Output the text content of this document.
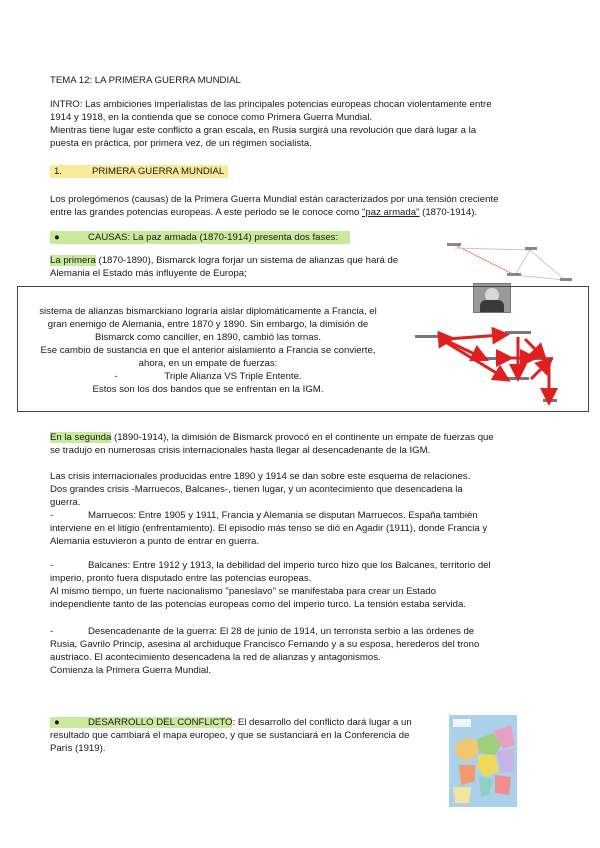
TEMA 12: LA PRIMERA GUERRA MUNDIAL

INTRO: Las ambiciones imperialistas de las principales potencias europeas chocan violentamente entre

1914 y 1918, en la contienda que se conoce como Primera Guerra Mundial.

Mientras tiene lugar este conflicto a gran escala, en Rusia surgirá una revolución que dará lugar a la

puesta en práctica, por primera vez, de un régimen socialista.

1.	PRIMERA GUERRA MUNDIAL

Los prolegómenos (causas) de la Primera Guerra Mundial están caracterizados por una tensión creciente

entre las grandes potencias europeas. A este periodo se le conoce como "paz armada" (1870-1914).

●	CAUSAS: La paz armada (1870-1914) presenta dos fases:

La primera (1870-1890), Bismarck logra forjar un sistema de alianzas que hará de

Alemania el Estado más influyente de Europa;

sistema de alianzas bismarckiano lograría aislar diplomáticamente a Francia, el

gran enemigo de Alemania, entre 1870 y 1890. Sin embargo, la dimisión de

Bismarck como canciller, en 1890, cambió las tornas.

Ese cambio de sustancia en que el anterior aislamiento a Francia se convierte,

ahora, en un empate de fuerzas:

-	Triple Alianza VS Triple Entente.

Estos son los dos bandos que se enfrentan en la IGM.

En la segunda (1890-1914), la dimisión de Bismarck provocó en el continente un empate de fuerzas que

se tradujo en numerosas crisis internacionales hasta llegar al desencadenante de la IGM.

Las crisis internacionales producidas entre 1890 y 1914 se dan sobre este esquema de relaciones.

Dos grandes crisis -Marruecos, Balcanes-, tienen lugar, y un acontecimiento que desencadena la

guerra.

-	Marruecos: Entre 1905 y 1911, Francia y Alemania se disputan Marruecos. España también

interviene en el litigio (enfrentamiento). El episodio más tenso se dió en Agadir (1911), donde Francia y

Alemania estuvieron a punto de entrar en guerra.

-	Balcanes: Entre 1912 y 1913, la debilidad del imperio turco hizo que los Balcanes, territorio del

imperio, pronto fuera disputado entre las potencias europeas.

Al mismo tiempo, un fuerte nacionalismo "paneslavo" se manifestaba para crear un Estado

independiente tanto de las potencias europeas como del imperio turco. La tensión estaba servida.

-	Desencadenante de la guerra: El 28 de junio de 1914, un terrorista serbio a las órdenes de

Rusia, Gavrilo Princip, asesina al archiduque Francisco Fernando y a su esposa, herederos del trono

austriaco. El acontecimiento desencadena la red de alianzas y antagonismos.

Comienza la Primera Guerra Mundial.

●	DESARROLLO DEL CONFLICTO: El desarrollo del conflicto dará lugar a un

resultado que cambiará el mapa europeo, y que se sustanciará en la Conferencia de

París (1919).
